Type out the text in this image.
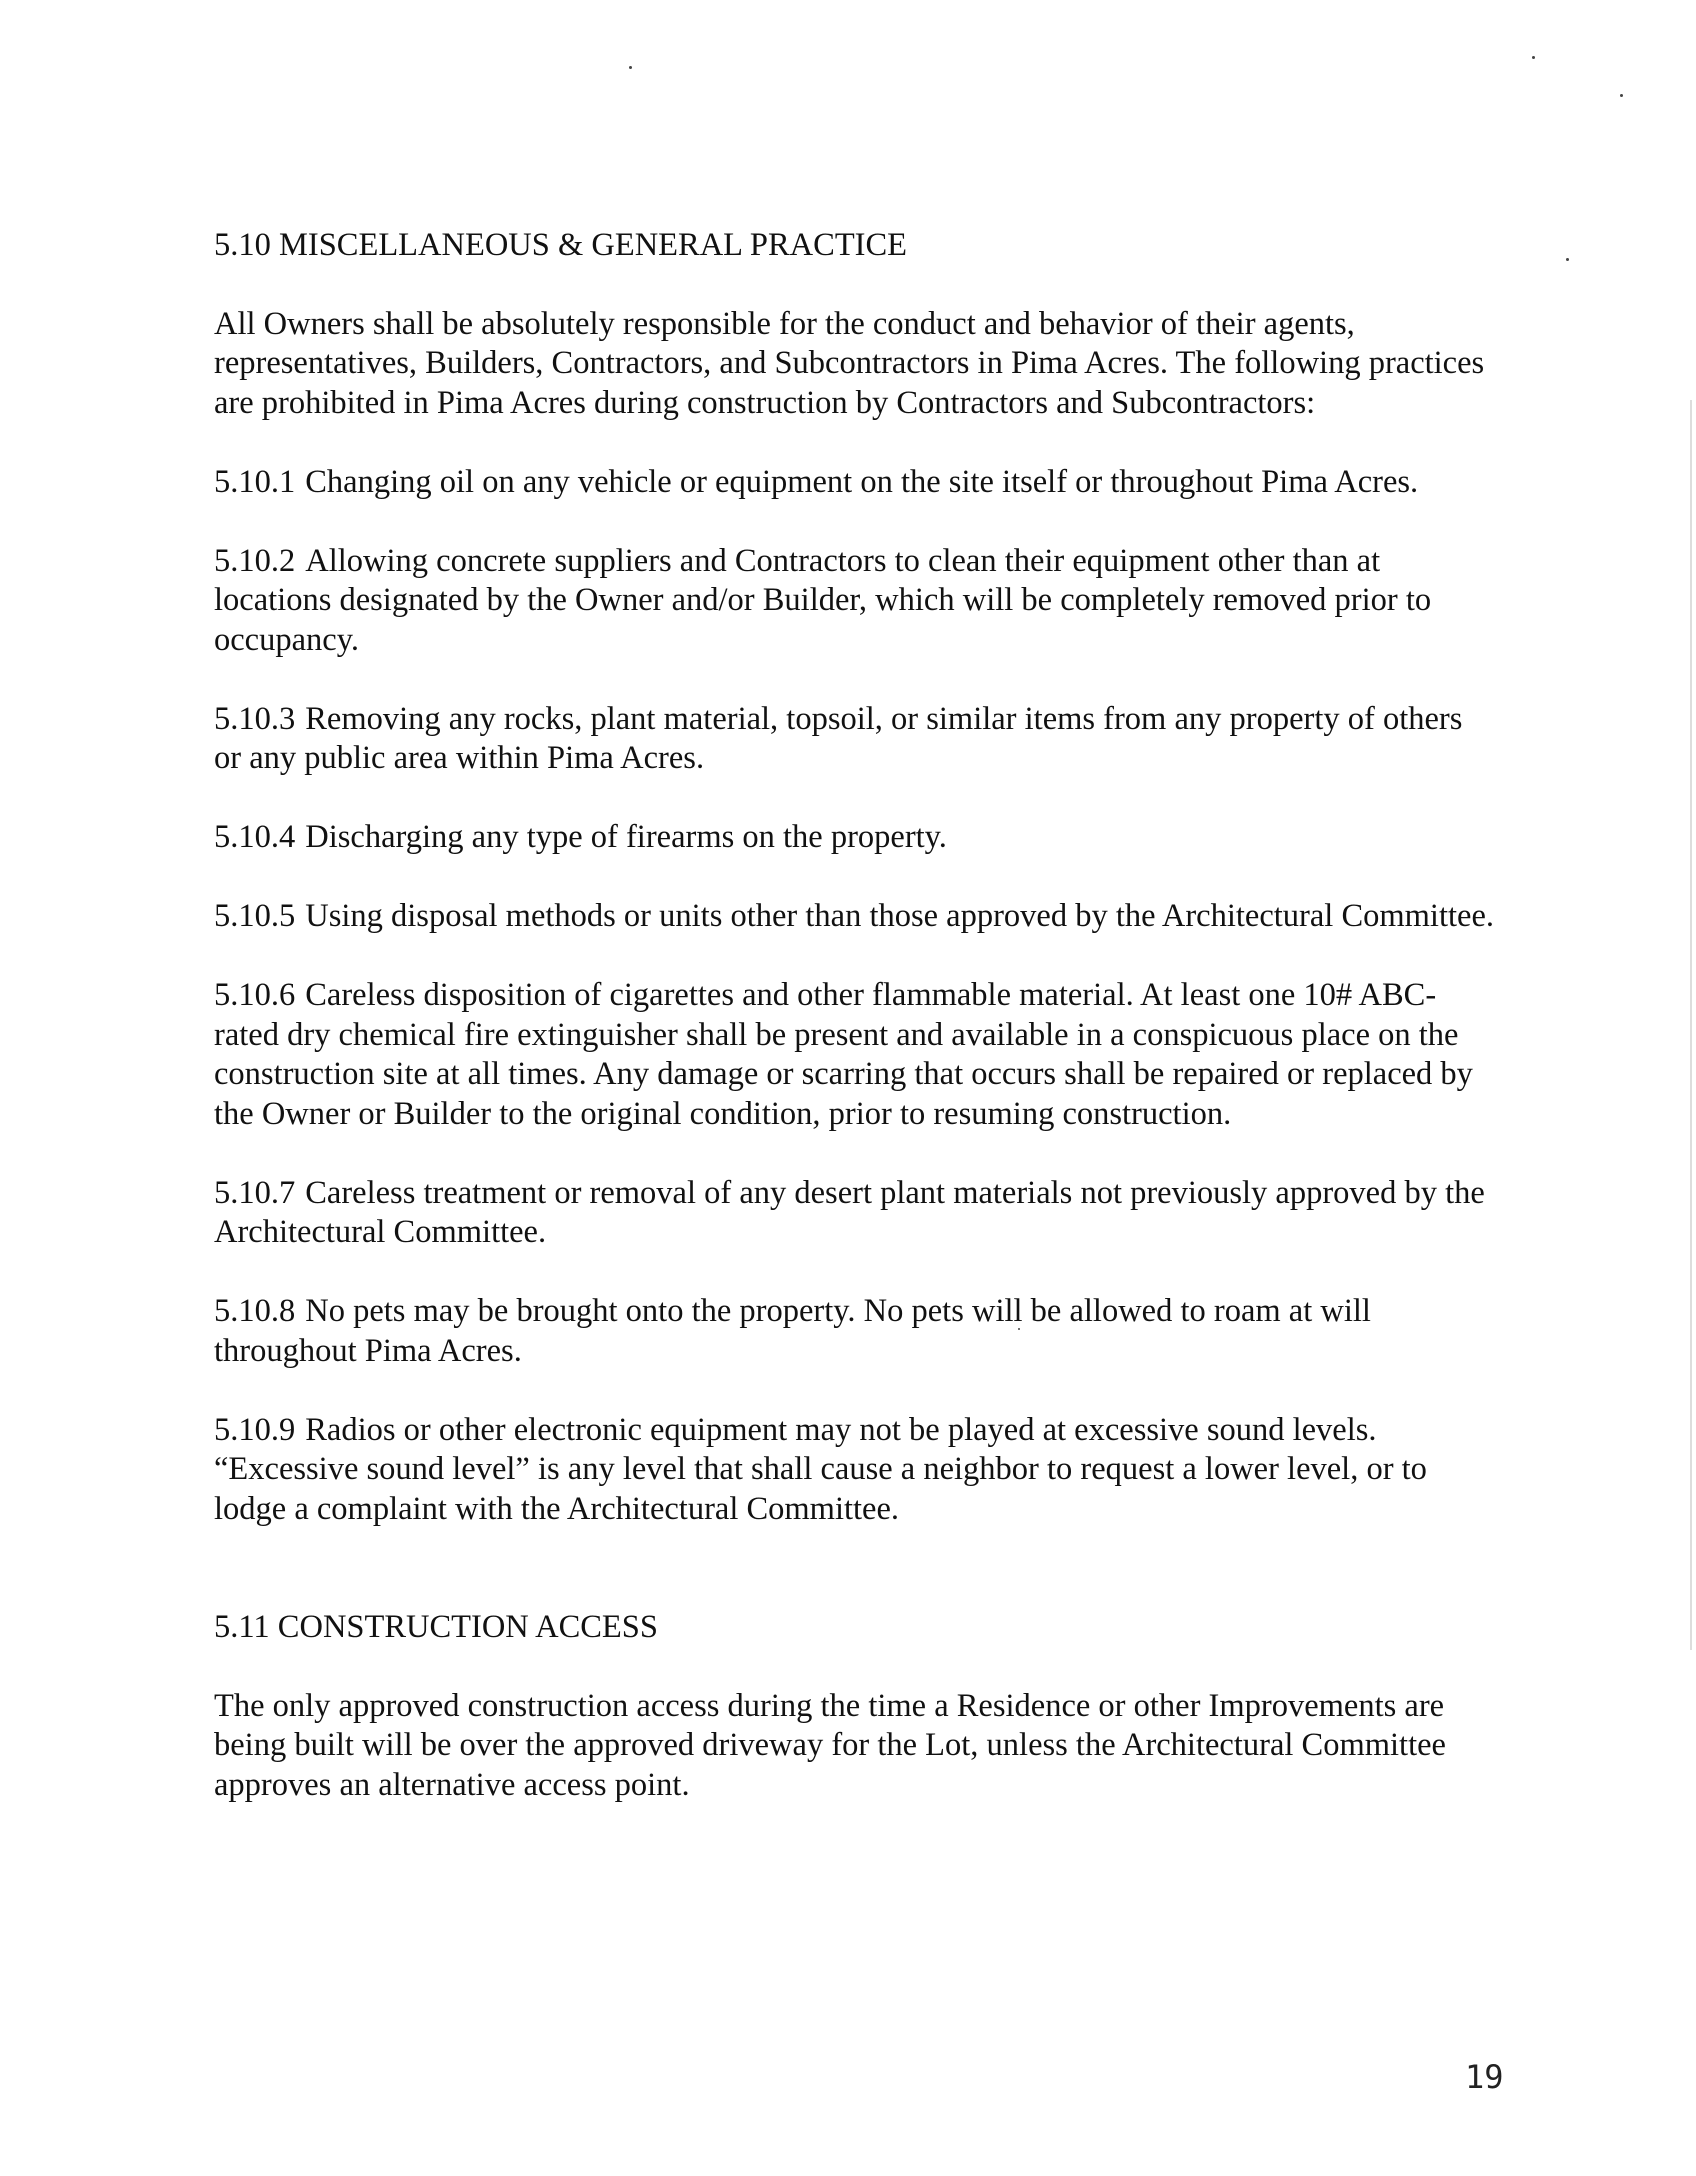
5.10 MISCELLANEOUS & GENERAL PRACTICE

All Owners shall be absolutely responsible for the conduct and behavior of their agents, representatives, Builders, Contractors, and Subcontractors in Pima Acres. The following practices are prohibited in Pima Acres during construction by Contractors and Subcontractors:

5.10.1 Changing oil on any vehicle or equipment on the site itself or throughout Pima Acres.

5.10.2 Allowing concrete suppliers and Contractors to clean their equipment other than at locations designated by the Owner and/or Builder, which will be completely removed prior to occupancy.

5.10.3 Removing any rocks, plant material, topsoil, or similar items from any property of others or any public area within Pima Acres.

5.10.4 Discharging any type of firearms on the property.

5.10.5 Using disposal methods or units other than those approved by the Architectural Committee.

5.10.6 Careless disposition of cigarettes and other flammable material. At least one 10# ABC-rated dry chemical fire extinguisher shall be present and available in a conspicuous place on the construction site at all times. Any damage or scarring that occurs shall be repaired or replaced by the Owner or Builder to the original condition, prior to resuming construction.

5.10.7 Careless treatment or removal of any desert plant materials not previously approved by the Architectural Committee.

5.10.8 No pets may be brought onto the property. No pets will be allowed to roam at will throughout Pima Acres.

5.10.9 Radios or other electronic equipment may not be played at excessive sound levels. “Excessive sound level” is any level that shall cause a neighbor to request a lower level, or to lodge a complaint with the Architectural Committee.

5.11 CONSTRUCTION ACCESS

The only approved construction access during the time a Residence or other Improvements are being built will be over the approved driveway for the Lot, unless the Architectural Committee approves an alternative access point.

19
